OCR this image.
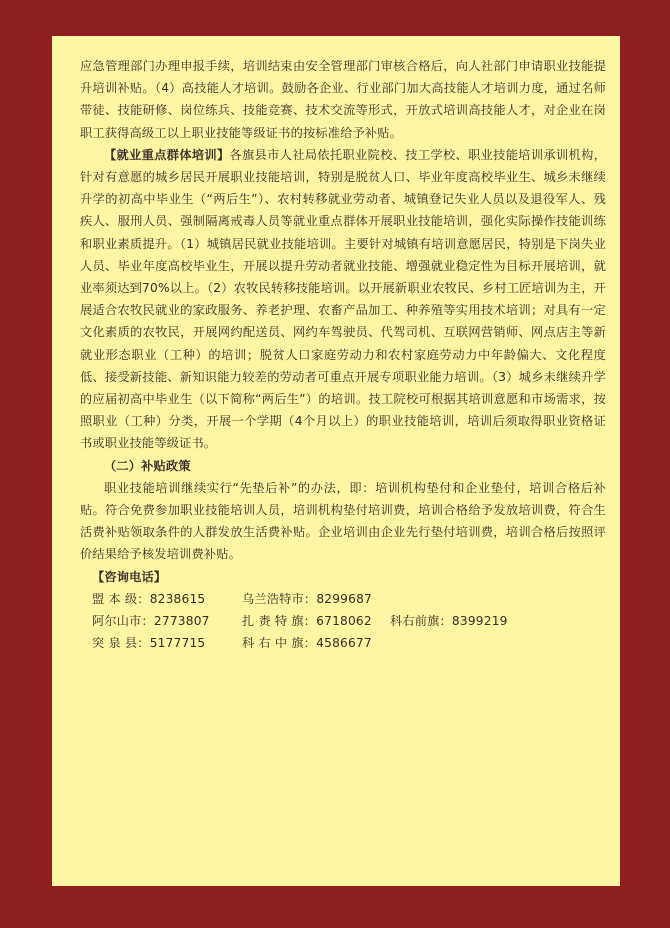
应急管理部门办理申报手续，培训结束由安全管理部门审核合格后，向人社部门申请职业技能提升培训补贴。（4）高技能人才培训。鼓励各企业、行业部门加大高技能人才培训力度，通过名师带徒、技能研修、岗位练兵、技能竞赛、技术交流等形式，开放式培训高技能人才，对企业在岗职工获得高级工以上职业技能等级证书的按标准给予补贴。

【就业重点群体培训】各旗县市人社局依托职业院校、技工学校、职业技能培训承训机构，针对有意愿的城乡居民开展职业技能培训，特别是脱贫人口、毕业年度高校毕业生、城乡未继续升学的初高中毕业生（“两后生”）、农村转移就业劳动者、城镇登记失业人员以及退役军人、残疾人、服刑人员、强制隔离戒毒人员等就业重点群体开展职业技能培训，强化实际操作技能训练和职业素质提升。（1）城镇居民就业技能培训。主要针对城镇有培训意愿居民，特别是下岗失业人员、毕业年度高校毕业生，开展以提升劳动者就业技能、增强就业稳定性为目标开展培训，就业率须达到70%以上。（2）农牧民转移技能培训。以开展新职业农牧民、乡村工匠培训为主，开展适合农牧民就业的家政服务、养老护理、农畜产品加工、种养殖等实用技术培训；对具有一定文化素质的农牧民，开展网约配送员、网约车驾驶员、代驾司机、互联网营销师、网点店主等新就业形态职业（工种）的培训；脱贫人口家庭劳动力和农村家庭劳动力中年龄偏大、文化程度低、接受新技能、新知识能力较差的劳动者可重点开展专项职业能力培训。（3）城乡未继续升学的应届初高中毕业生（以下简称“两后生”）的培训。技工院校可根据其培训意愿和市场需求，按照职业（工种）分类，开展一个学期（4个月以上）的职业技能培训，培训后须取得职业资格证书或职业技能等级证书。

（二）补贴政策

职业技能培训继续实行“先垫后补”的办法，即：培训机构垫付和企业垫付，培训合格后补贴。符合免费参加职业技能培训人员，培训机构垫付培训费，培训合格给予发放培训费，符合生活费补贴领取条件的人群发放生活费补贴。企业培训由企业先行垫付培训费，培训合格后按照评价结果给予核发培训费补贴。

【咨询电话】

盟 本 级：8238615	乌兰浩特市：8299687
阿尔山市：2773807	扎 赉 特 旗：6718062	科右前旗：8399219
突 泉 县：5177715	科 右 中 旗：4586677
